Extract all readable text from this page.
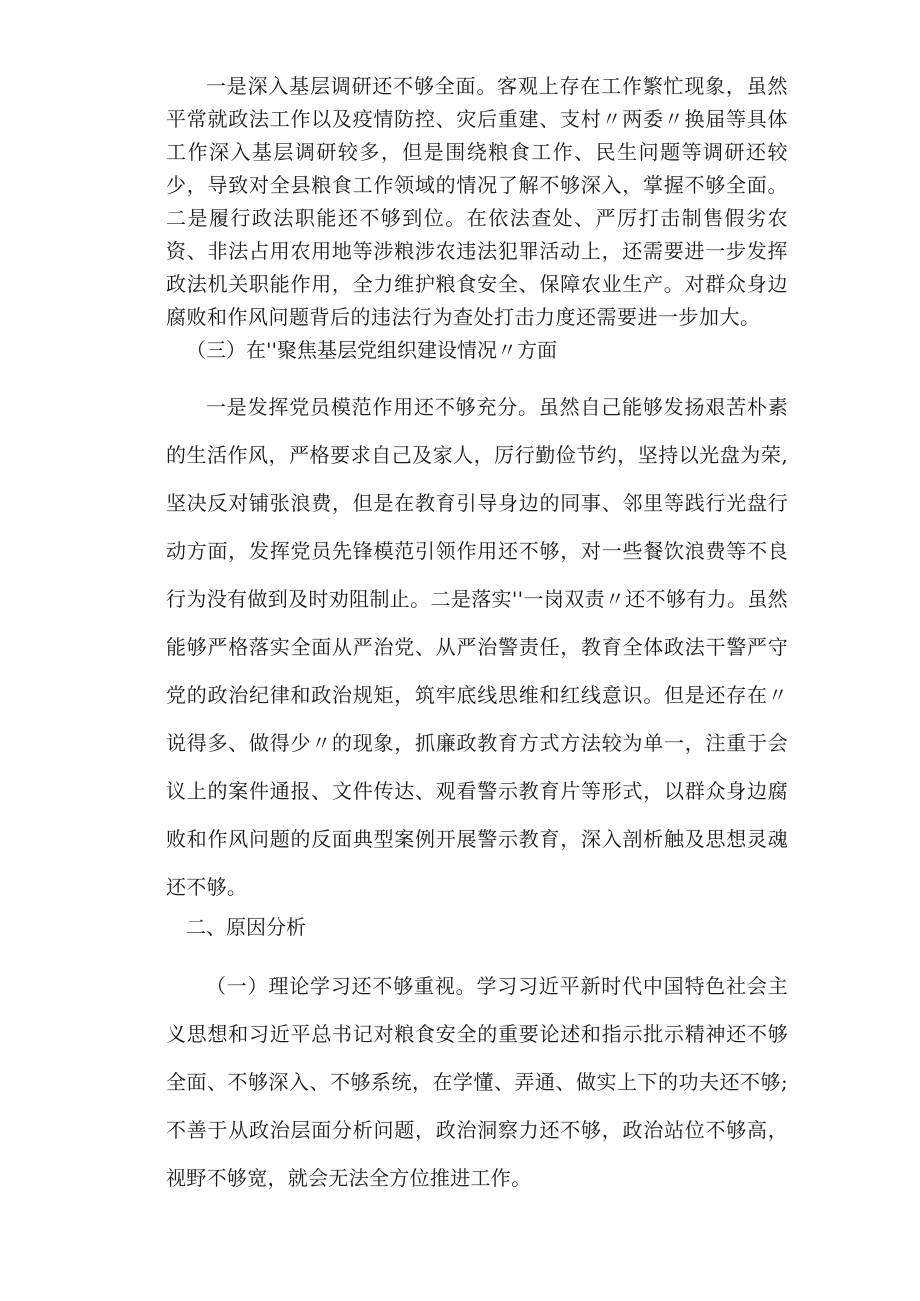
一是深入基层调研还不够全面。客观上存在工作繁忙现象，虽然平常就政法工作以及疫情防控、灾后重建、支村〃两委〃换届等具体工作深入基层调研较多，但是围绕粮食工作、民生问题等调研还较少，导致对全县粮食工作领域的情况了解不够深入，掌握不够全面。二是履行政法职能还不够到位。在依法查处、严厉打击制售假劣农资、非法占用农用地等涉粮涉农违法犯罪活动上，还需要进一步发挥政法机关职能作用，全力维护粮食安全、保障农业生产。对群众身边腐败和作风问题背后的违法行为查处打击力度还需要进一步加大。

（三）在''聚焦基层党组织建设情况〃方面

一是发挥党员模范作用还不够充分。虽然自己能够发扬艰苦朴素的生活作风，严格要求自己及家人，厉行勤俭节约，坚持以光盘为荣,坚决反对铺张浪费，但是在教育引导身边的同事、邻里等践行光盘行动方面，发挥党员先锋模范引领作用还不够，对一些餐饮浪费等不良行为没有做到及时劝阻制止。二是落实''一岗双责〃还不够有力。虽然能够严格落实全面从严治党、从严治警责任，教育全体政法干警严守党的政治纪律和政治规矩，筑牢底线思维和红线意识。但是还存在〃说得多、做得少〃的现象，抓廉政教育方式方法较为单一，注重于会议上的案件通报、文件传达、观看警示教育片等形式，以群众身边腐败和作风问题的反面典型案例开展警示教育，深入剖析触及思想灵魂还不够。

二、原因分析

（一）理论学习还不够重视。学习习近平新时代中国特色社会主义思想和习近平总书记对粮食安全的重要论述和指示批示精神还不够全面、不够深入、不够系统，在学懂、弄通、做实上下的功夫还不够;不善于从政治层面分析问题，政治洞察力还不够，政治站位不够高，视野不够宽，就会无法全方位推进工作。
